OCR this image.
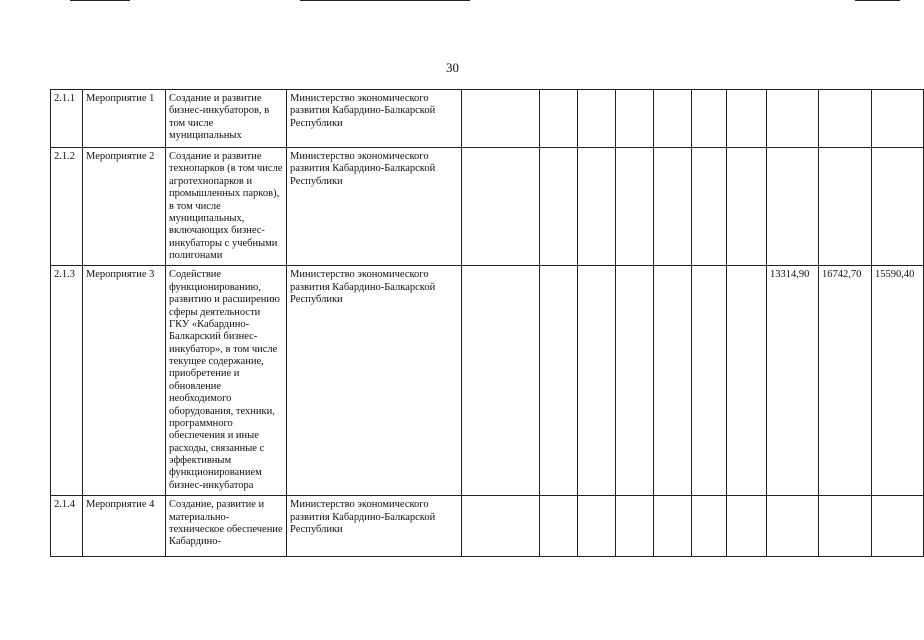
30
2.1.1	Мероприятие 1	Создание и развитие бизнес-инкубаторов, в том числе муниципальных	Министерство экономического развития Кабардино-Балкарской Республики										
2.1.2	Мероприятие 2	Создание и развитие технопарков (в том числе агротехнопарков и промышленных парков), в том числе муниципальных, включающих бизнес-инкубаторы с учебными полигонами	Министерство экономического развития Кабардино-Балкарской Республики										
2.1.3	Мероприятие 3	Содействие функционированию, развитию и расширению сферы деятельности ГКУ «Кабардино-Балкарский бизнес-инкубатор», в том числе текущее содержание, приобретение и обновление необходимого оборудования, техники, программного обеспечения и иные расходы, связанные с эффективным функционированием бизнес-инкубатора	Министерство экономического развития Кабардино-Балкарской Республики								13314,90	16742,70	15590,40
2.1.4	Мероприятие 4	Создание, развитие и материально-техническое обеспечение Кабардино-	Министерство экономического развития Кабардино-Балкарской Республики										
